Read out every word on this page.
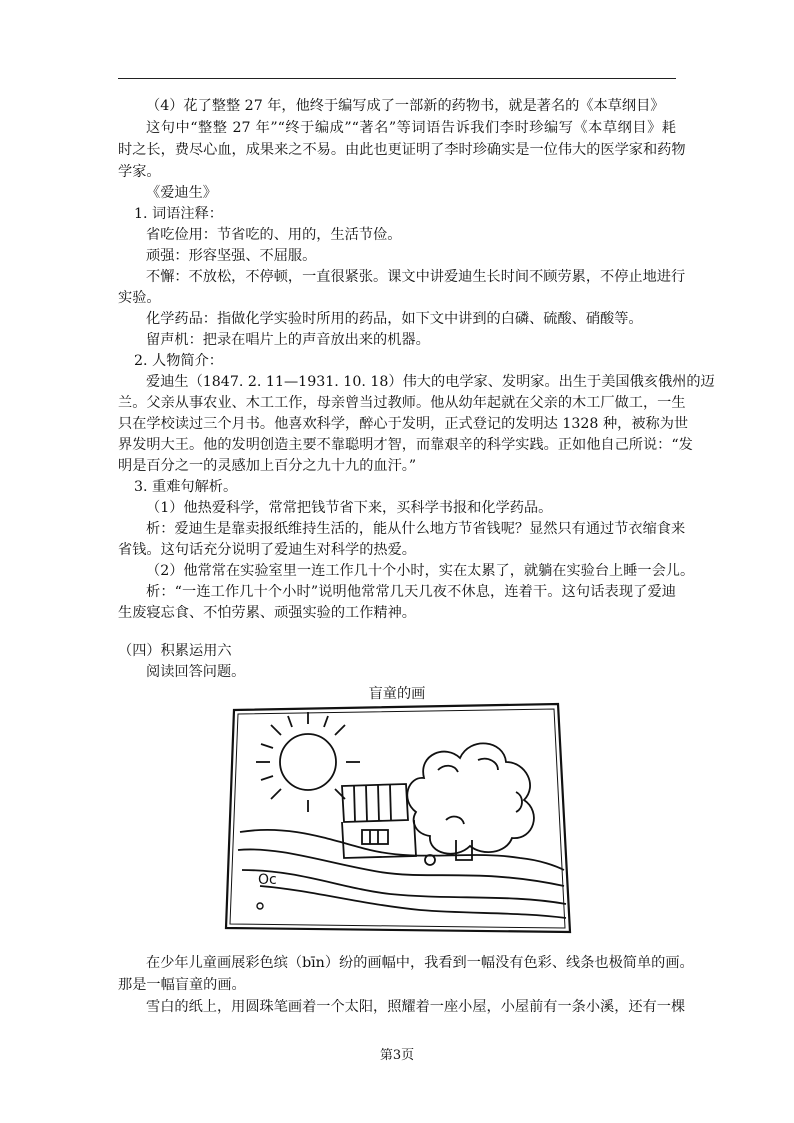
（4）花了整整 27 年，他终于编写成了一部新的药物书，就是著名的《本草纲目》
这句中“整整 27 年”“终于编成”“著名”等词语告诉我们李时珍编写《本草纲目》耗
时之长，费尽心血，成果来之不易。由此也更证明了李时珍确实是一位伟大的医学家和药物
学家。
《爱迪生》
1. 词语注释：
省吃俭用：节省吃的、用的，生活节俭。
顽强：形容坚强、不屈服。
不懈：不放松，不停顿，一直很紧张。课文中讲爱迪生长时间不顾劳累，不停止地进行
实验。
化学药品：指做化学实验时所用的药品，如下文中讲到的白磷、硫酸、硝酸等。
留声机：把录在唱片上的声音放出来的机器。
2. 人物简介：
爱迪生（1847. 2. 11—1931. 10. 18）伟大的电学家、发明家。出生于美国俄亥俄州的迈
兰。父亲从事农业、木工工作，母亲曾当过教师。他从幼年起就在父亲的木工厂做工，一生
只在学校读过三个月书。他喜欢科学，醉心于发明，正式登记的发明达 1328 种，被称为世
界发明大王。他的发明创造主要不靠聪明才智，而靠艰辛的科学实践。正如他自己所说：“发
明是百分之一的灵感加上百分之九十九的血汗。”
3. 重难句解析。
（1）他热爱科学，常常把钱节省下来，买科学书报和化学药品。
析：爱迪生是靠卖报纸维持生活的，能从什么地方节省钱呢？显然只有通过节衣缩食来
省钱。这句话充分说明了爱迪生对科学的热爱。
（2）他常常在实验室里一连工作几十个小时，实在太累了，就躺在实验台上睡一会儿。
析：“一连工作几十个小时”说明他常常几天几夜不休息，连着干。这句话表现了爱迪
生废寝忘食、不怕劳累、顽强实验的工作精神。
（四）积累运用六
阅读回答问题。
盲童的画
Oc
在少年儿童画展彩色缤（bīn）纷的画幅中，我看到一幅没有色彩、线条也极简单的画。
那是一幅盲童的画。
雪白的纸上，用圆珠笔画着一个太阳，照耀着一座小屋，小屋前有一条小溪，还有一棵
第3页
